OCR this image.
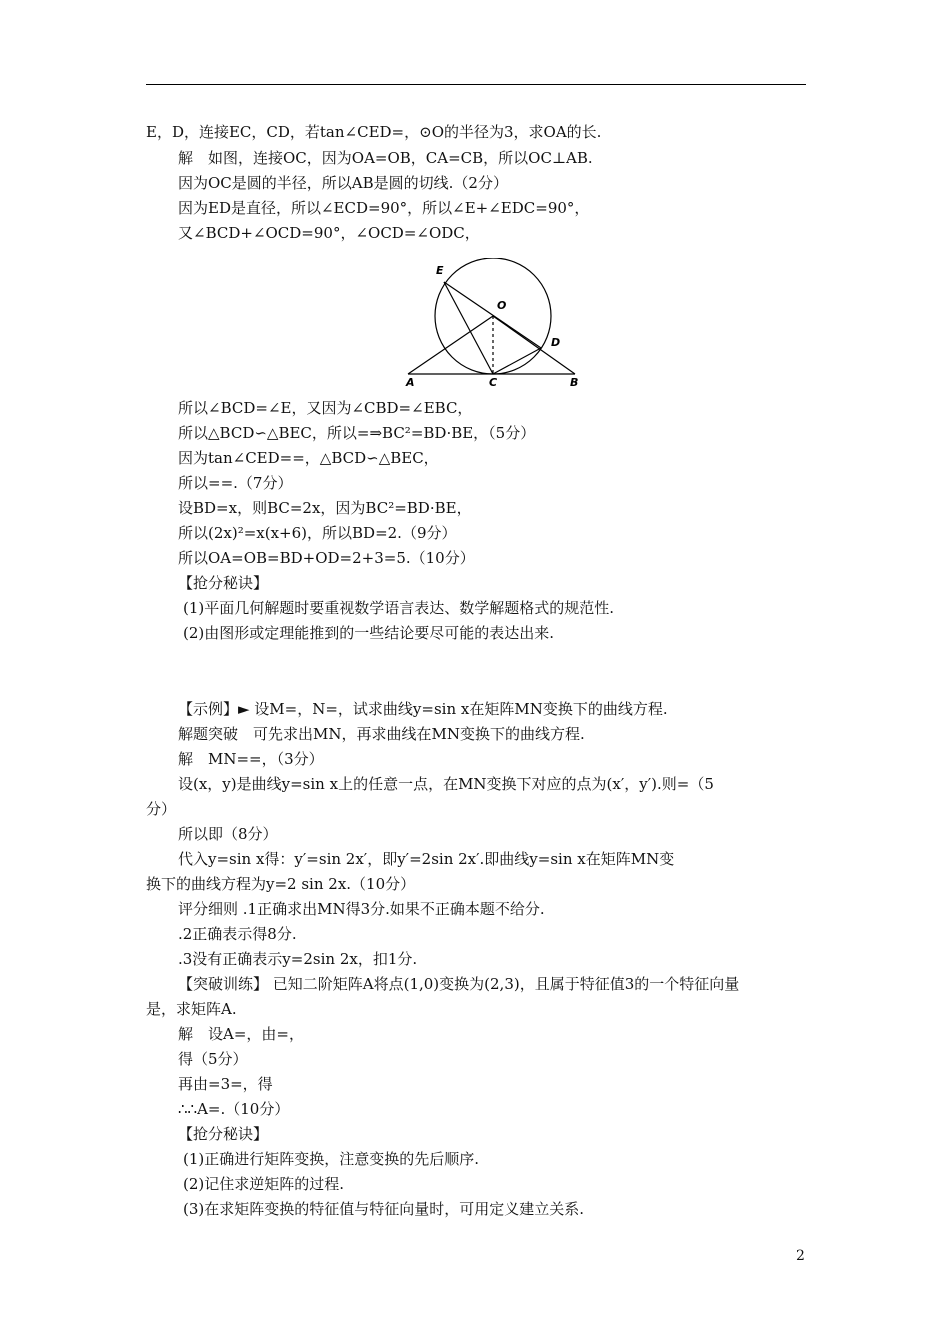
E，D，连接EC，CD，若tan∠CED=，⊙O的半径为3，求OA的长.
解　如图，连接OC，因为OA=OB，CA=CB，所以OC⊥AB.
因为OC是圆的半径，所以AB是圆的切线.（2分）
因为ED是直径，所以∠ECD=90°，所以∠E+∠EDC=90°，
又∠BCD+∠OCD=90°，∠OCD=∠ODC，
E
O
D
A	C	B
所以∠BCD=∠E，又因为∠CBD=∠EBC，
所以△BCD∽△BEC，所以=⇒BC²=BD·BE，（5分）
因为tan∠CED==，△BCD∽△BEC，
所以==.（7分）
设BD=x，则BC=2x，因为BC²=BD·BE，
所以(2x)²=x(x+6)，所以BD=2.（9分）
所以OA=OB=BD+OD=2+3=5.（10分）
【抢分秘诀】
(1)平面几何解题时要重视数学语言表达、数学解题格式的规范性.
(2)由图形或定理能推到的一些结论要尽可能的表达出来.
【示例】► 设M=，N=，试求曲线y=sin x在矩阵MN变换下的曲线方程.
解题突破　可先求出MN，再求曲线在MN变换下的曲线方程.
解　MN==，（3分）
设(x，y)是曲线y=sin x上的任意一点，在MN变换下对应的点为(x′，y′).则=（5
分）
所以即（8分）
代入y=sin x得：y′=sin 2x′，即y′=2sin 2x′.即曲线y=sin x在矩阵MN变
换下的曲线方程为y=2 sin 2x.（10分）
评分细则 .1正确求出MN得3分.如果不正确本题不给分.
.2正确表示得8分.
.3没有正确表示y=2sin 2x，扣1分.
【突破训练】 已知二阶矩阵A将点(1,0)变换为(2,3)，且属于特征值3的一个特征向量
是，求矩阵A.
解　设A=，由=，
得（5分）
再由=3=，得
∴∴A=.（10分）
【抢分秘诀】
(1)正确进行矩阵变换，注意变换的先后顺序.
(2)记住求逆矩阵的过程.
(3)在求矩阵变换的特征值与特征向量时，可用定义建立关系.
2
